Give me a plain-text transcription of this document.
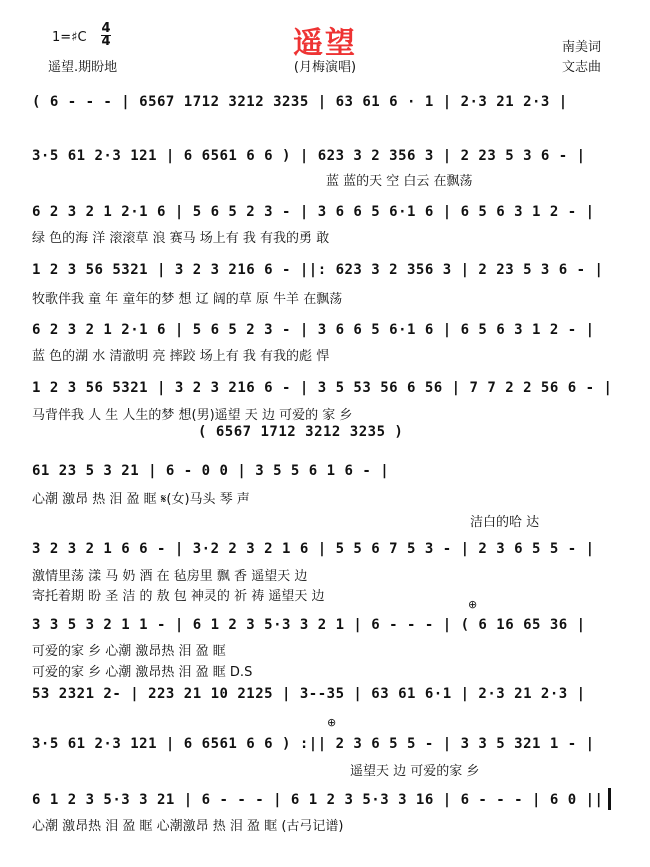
1=♯C
4
4	遥望
遥望.期盼地	(月梅演唱)
南美词
文志曲
( 6 - - - | 6567 1712 3212 3235 | 63 61 6 · 1 | 2·3 21 2·3 |
3·5 61 2·3 121 | 6 6561 6 6 ) | 623 3 2 356 3 | 2 23 5 3 6 - |
蓝 蓝的天 空 白云 在飘荡
6 2 3 2 1 2·1 6 | 5 6 5 2 3 - | 3 6 6 5 6·1 6 | 6 5 6 3 1 2 - |
绿 色的海 洋 滚滚草 浪 赛马 场上有 我 有我的勇 敢
1 2 3 56 5321 | 3 2 3 216 6 - ||: 623 3 2 356 3 | 2 23 5 3 6 - |
牧歌伴我 童 年 童年的梦 想 辽 阔的草 原 牛羊 在飘荡
6 2 3 2 1 2·1 6 | 5 6 5 2 3 - | 3 6 6 5 6·1 6 | 6 5 6 3 1 2 - |
蓝 色的湖 水 清澈明 亮 摔跤 场上有 我 有我的彪 悍
1 2 3 56 5321 | 3 2 3 216 6 - | 3 5 53 56 6 56 | 7 7 2 2 56 6 - |
马背伴我 人 生 人生的梦 想(男)遥望 天 边 可爱的 家 乡
( 6567 1712 3212 3235 )
61 23 5 3 21 | 6 - 0 0 | 3 5 5 6 1 6 - |
心潮 激昂 热 泪 盈 眶 𝄋(女)马头 琴 声
洁白的哈 达
3 2 3 2 1 6 6 - | 3·2 2 3 2 1 6 | 5 5 6 7 5 3 - | 2 3 6 5 5 - |
激情里荡 漾 马 奶 酒 在 毡房里 飘 香 遥望天 边
寄托着期 盼 圣 洁 的 敖 包 神灵的 祈 祷 遥望天 边
3 3 5 3 2 1 1 - | 6 1 2 3 5·3 3 2 1 | 6 - - - | ( 6 16 65 36 |
可爱的家 乡 心潮 激昂热 泪 盈 眶
可爱的家 乡 心潮 激昂热 泪 盈 眶 D.S
53 2321 2- | 223 21 10 2125 | 3--35 | 63 61 6·1 | 2·3 21 2·3 |
3·5 61 2·3 121 | 6 6561 6 6 ) :|| 2 3 6 5 5 - | 3 3 5 321 1 - |
遥望天 边 可爱的家 乡
6 1 2 3 5·3 3 21 | 6 - - - | 6 1 2 3 5·3 3 16 | 6 - - - | 6 0 ||
心潮 激昂热 泪 盈 眶 心潮激昂 热 泪 盈 眶 (古弓记谱)
⊕
⊕
